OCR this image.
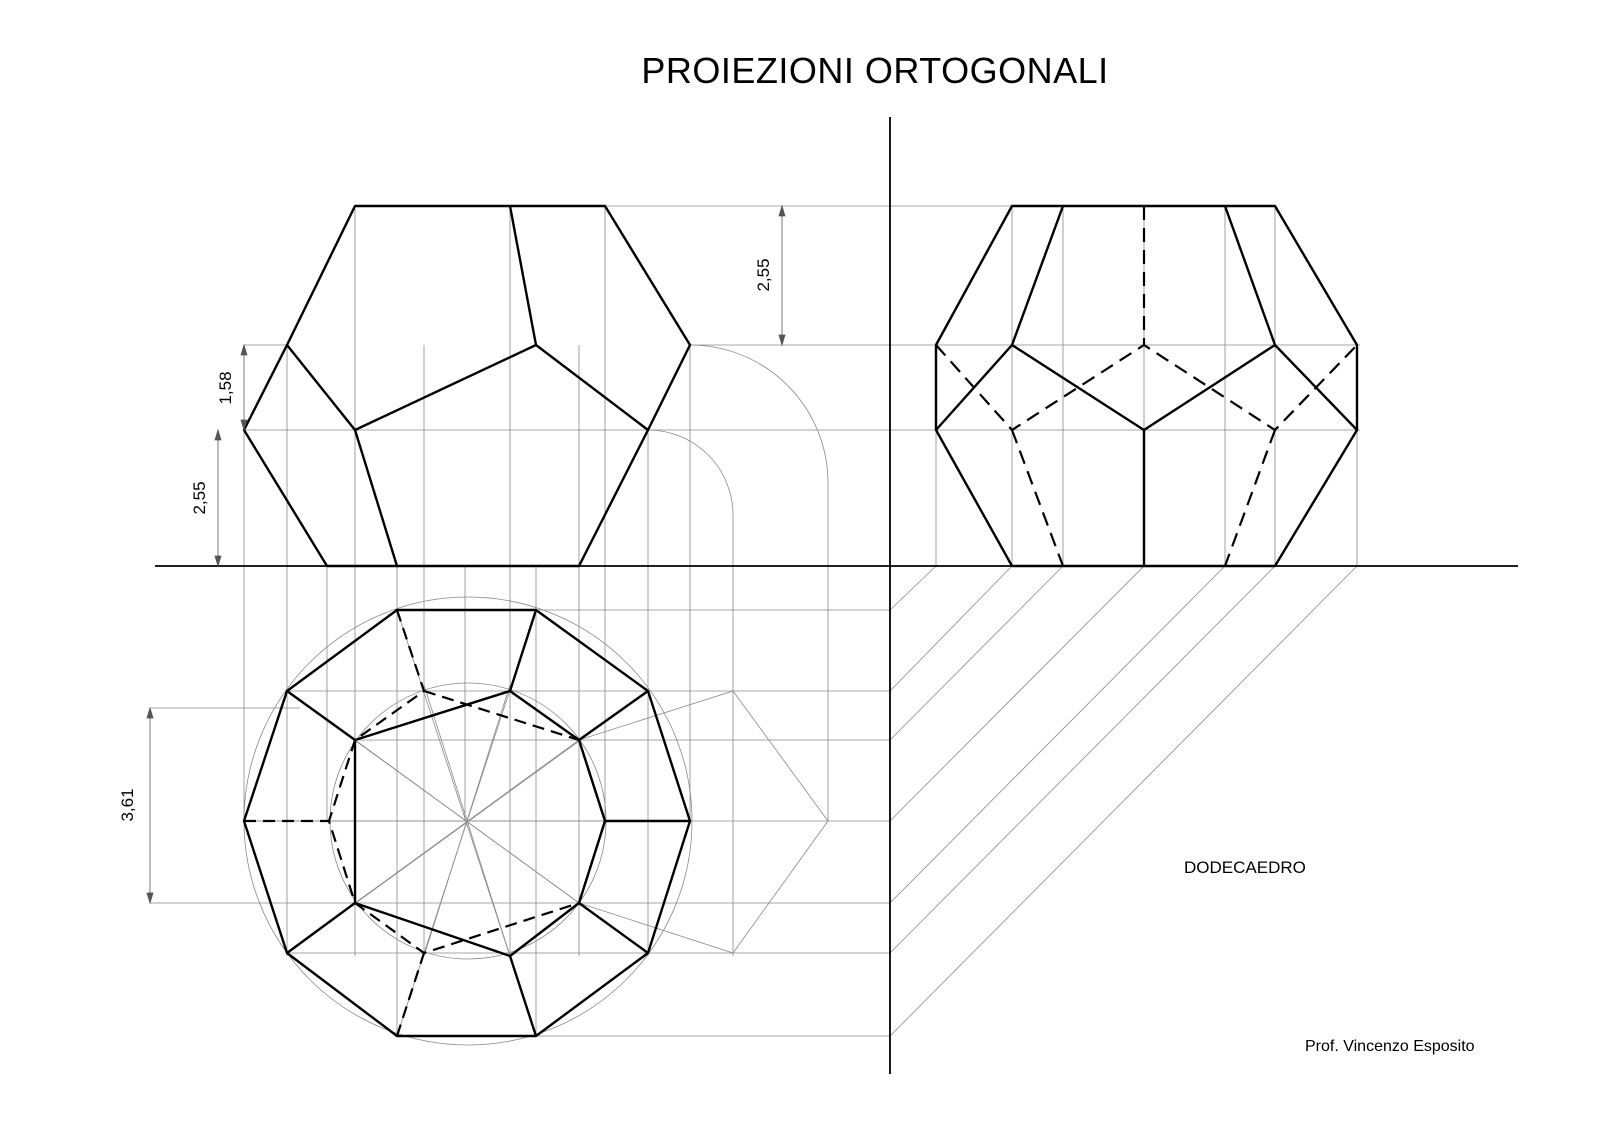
2,55
1,58
2,55
3,61
PROIEZIONI ORTOGONALI
DODECAEDRO
Prof. Vincenzo Esposito
